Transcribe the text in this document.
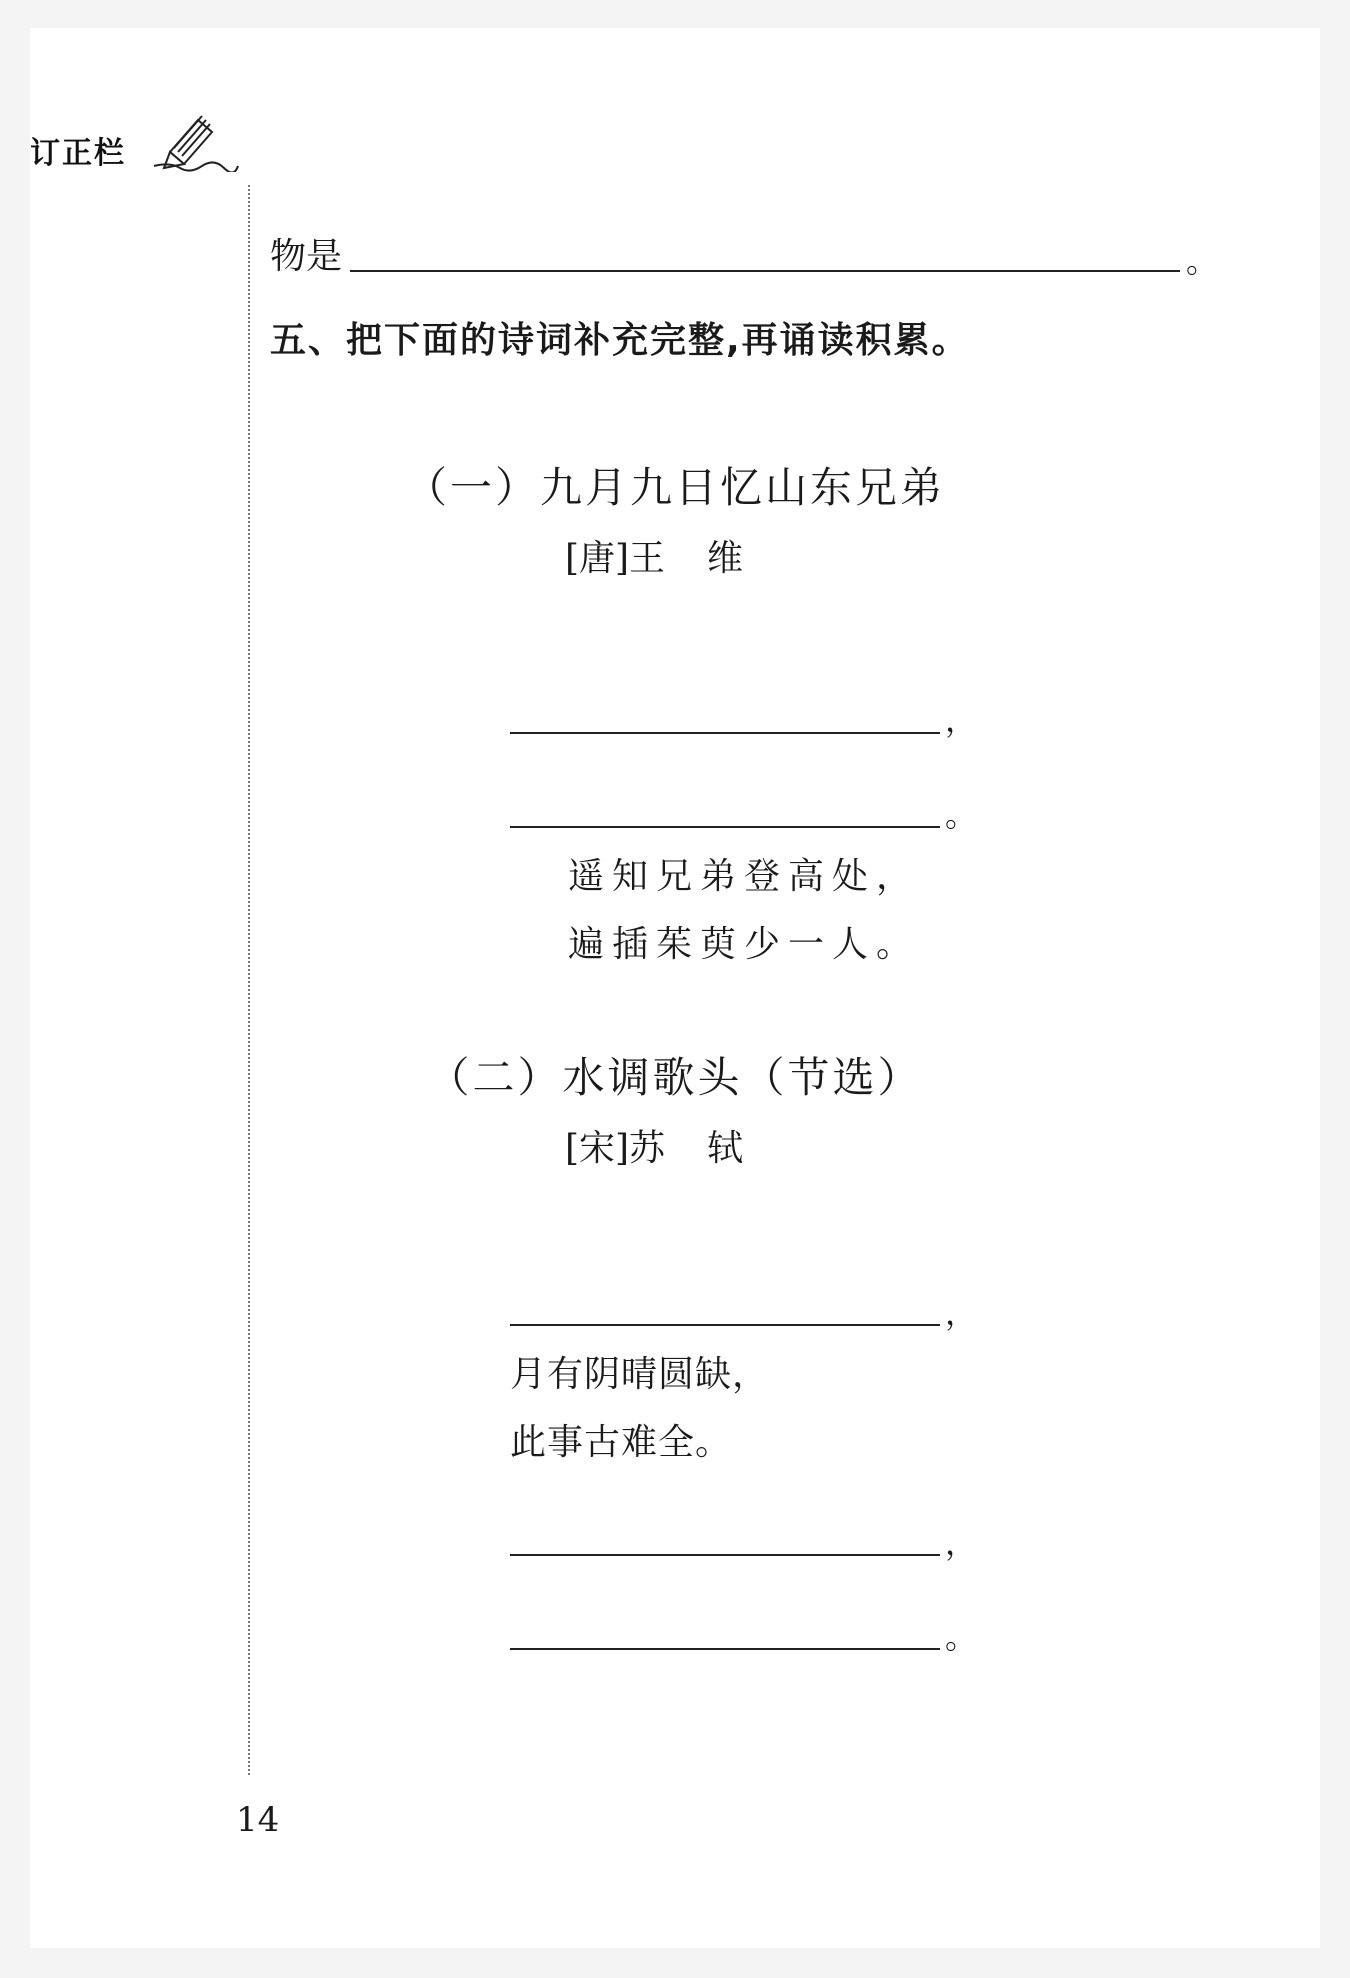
订正栏
物是	。
五、把下面的诗词补充完整,再诵读积累。
（一）九月九日忆山东兄弟
[唐]王维
，
。
遥知兄弟登高处，
遍插茱萸少一人。
（二）水调歌头（节选）
[宋]苏轼
，
月有阴晴圆缺，
此事古难全。
，
。
14
